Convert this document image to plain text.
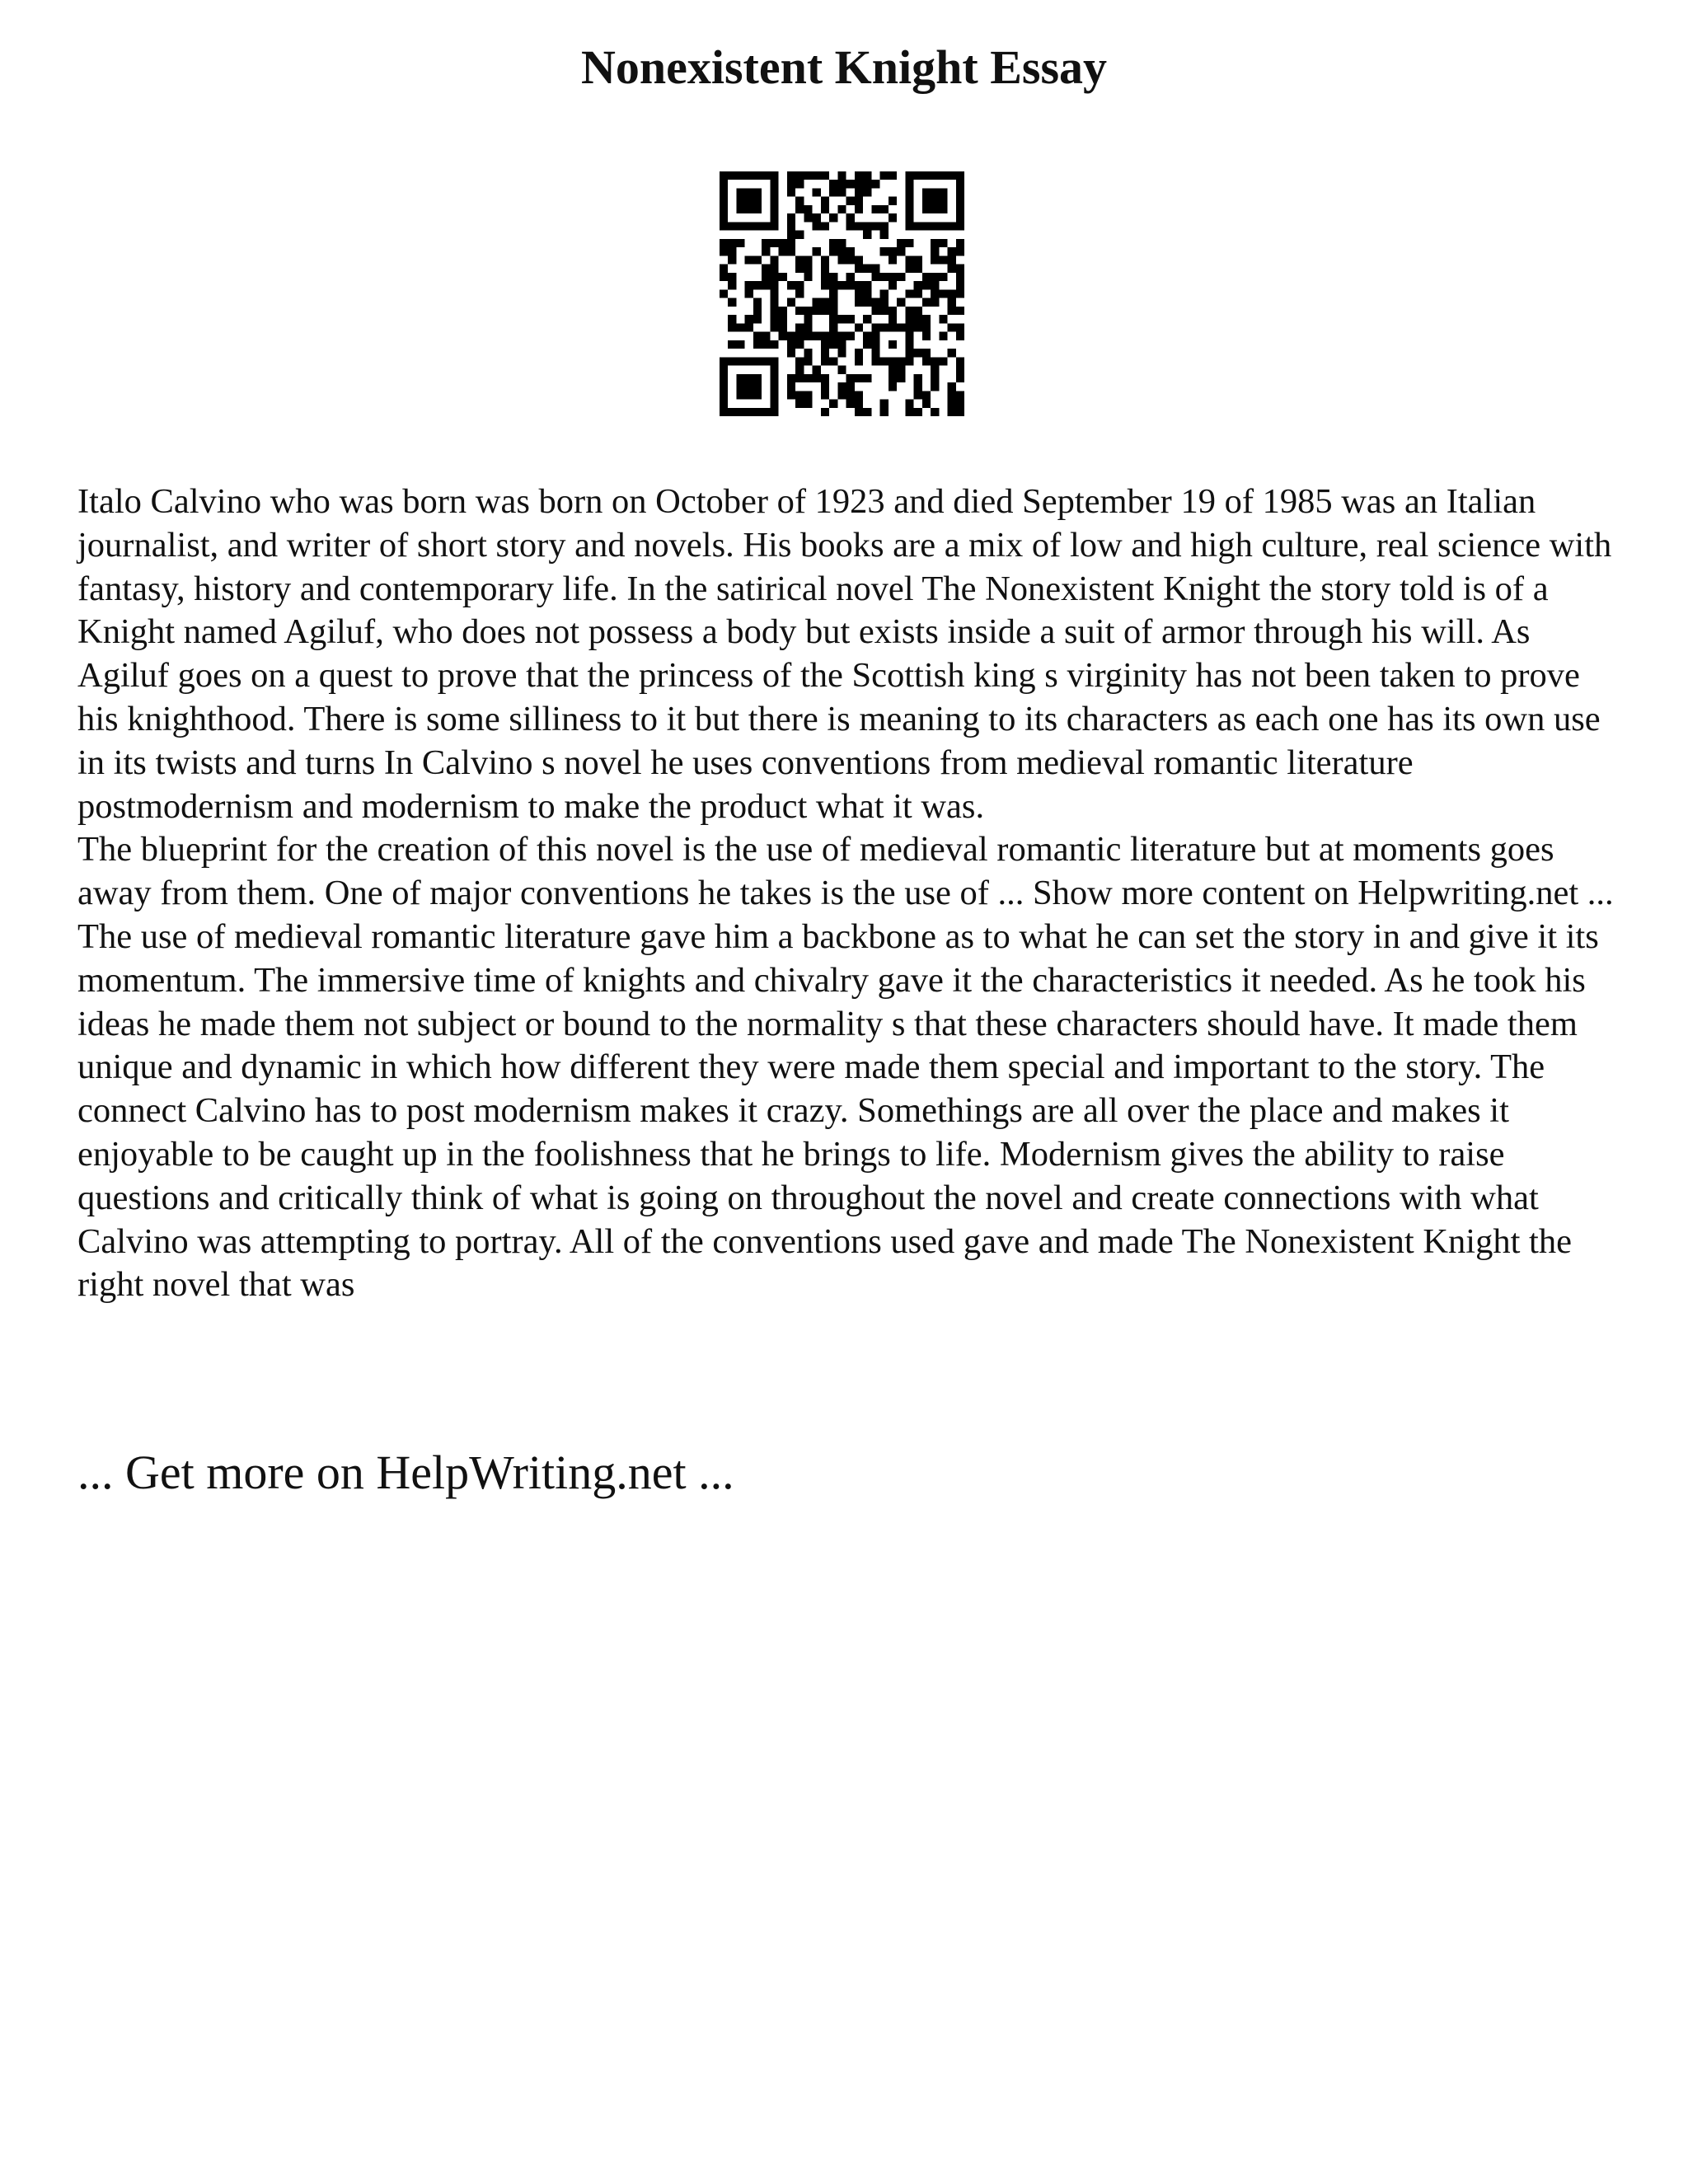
Nonexistent Knight Essay

Italo Calvino who was born was born on October of 1923 and died September 19 of 1985 was an Italian journalist, and writer of short story and novels. His books are a mix of low and high culture, real science with fantasy, history and contemporary life. In the satirical novel The Nonexistent Knight the story told is of a Knight named Agiluf, who does not possess a body but exists inside a suit of armor through his will. As Agiluf goes on a quest to prove that the princess of the Scottish king s virginity has not been taken to prove his knighthood. There is some silliness to it but there is meaning to its characters as each one has its own use in its twists and turns In Calvino s novel he uses conventions from medieval romantic literature postmodernism and modernism to make the product what it was.

The blueprint for the creation of this novel is the use of medieval romantic literature but at moments goes away from them. One of major conventions he takes is the use of ... Show more content on Helpwriting.net ...

The use of medieval romantic literature gave him a backbone as to what he can set the story in and give it its momentum. The immersive time of knights and chivalry gave it the characteristics it needed. As he took his ideas he made them not subject or bound to the normality s that these characters should have. It made them unique and dynamic in which how different they were made them special and important to the story. The connect Calvino has to post modernism makes it crazy. Somethings are all over the place and makes it enjoyable to be caught up in the foolishness that he brings to life. Modernism gives the ability to raise questions and critically think of what is going on throughout the novel and create connections with what Calvino was attempting to portray. All of the conventions used gave and made The Nonexistent Knight the right novel that was

... Get more on HelpWriting.net ...
